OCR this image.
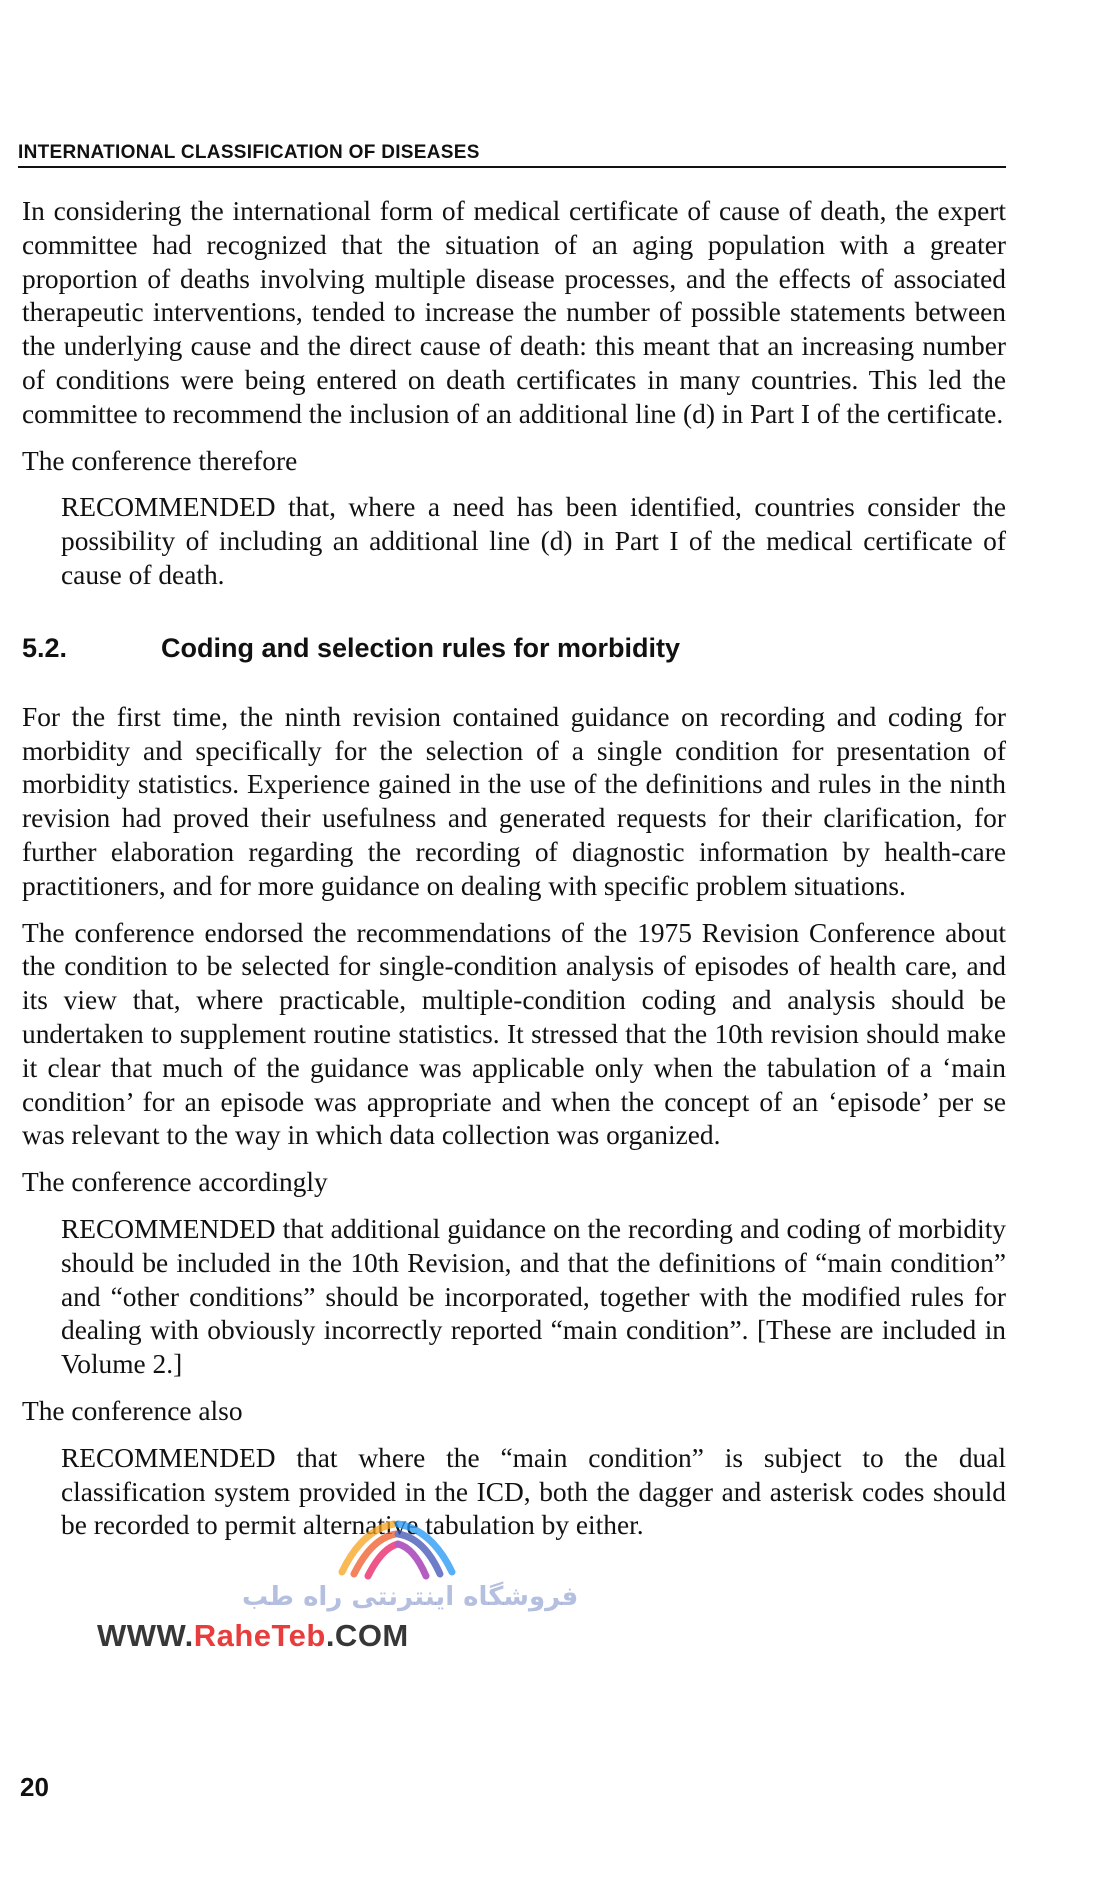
INTERNATIONAL CLASSIFICATION OF DISEASES

In considering the international form of medical certificate of cause of death, the expert committee had recognized that the situation of an aging population with a greater proportion of deaths involving multiple disease processes, and the effects of associated therapeutic interventions, tended to increase the number of possible statements between the underlying cause and the direct cause of death: this meant that an increasing number of conditions were being entered on death certificates in many countries. This led the committee to recommend the inclusion of an additional line (d) in Part I of the certificate.

The conference therefore

RECOMMENDED that, where a need has been identified, countries consider the possibility of including an additional line (d) in Part I of the medical certificate of cause of death.

5.2.	Coding and selection rules for morbidity

For the first time, the ninth revision contained guidance on recording and coding for morbidity and specifically for the selection of a single condition for presentation of morbidity statistics. Experience gained in the use of the definitions and rules in the ninth revision had proved their usefulness and generated requests for their clarification, for further elaboration regarding the recording of diagnostic information by health-care practitioners, and for more guidance on dealing with specific problem situations.

The conference endorsed the recommendations of the 1975 Revision Conference about the condition to be selected for single-condition analysis of episodes of health care, and its view that, where practicable, multiple-condition coding and analysis should be undertaken to supplement routine statistics. It stressed that the 10th revision should make it clear that much of the guidance was applicable only when the tabulation of a ‘main condition’ for an episode was appropriate and when the concept of an ‘episode’ per se was relevant to the way in which data collection was organized.

The conference accordingly

RECOMMENDED that additional guidance on the recording and coding of morbidity should be included in the 10th Revision, and that the definitions of “main condition” and “other conditions” should be incorporated, together with the modified rules for dealing with obviously incorrectly reported “main condition”. [These are included in Volume 2.]

The conference also

RECOMMENDED that where the “main condition” is subject to the dual classification system provided in the ICD, both the dagger and asterisk codes should be recorded to permit alternative tabulation by either.

20
فروشگاه اینترنتی راه طب
WWW.RaheTeb.COM
